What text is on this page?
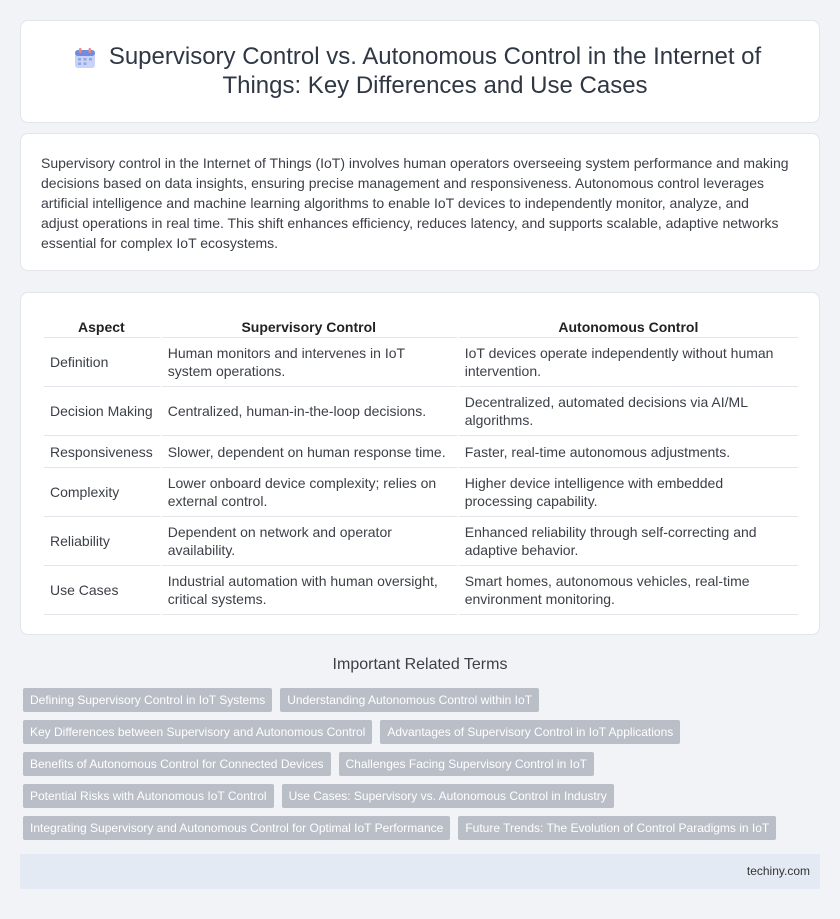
Supervisory Control vs. Autonomous Control in the Internet of Things: Key Differences and Use Cases

Supervisory control in the Internet of Things (IoT) involves human operators overseeing system performance and making decisions based on data insights, ensuring precise management and responsiveness. Autonomous control leverages artificial intelligence and machine learning algorithms to enable IoT devices to independently monitor, analyze, and adjust operations in real time. This shift enhances efficiency, reduces latency, and supports scalable, adaptive networks essential for complex IoT ecosystems.

Aspect	Supervisory Control	Autonomous Control
Definition	Human monitors and intervenes in IoT system operations.	IoT devices operate independently without human intervention.
Decision Making	Centralized, human-in-the-loop decisions.	Decentralized, automated decisions via AI/ML algorithms.
Responsiveness	Slower, dependent on human response time.	Faster, real-time autonomous adjustments.
Complexity	Lower onboard device complexity; relies on external control.	Higher device intelligence with embedded processing capability.
Reliability	Dependent on network and operator availability.	Enhanced reliability through self-correcting and adaptive behavior.
Use Cases	Industrial automation with human oversight, critical systems.	Smart homes, autonomous vehicles, real-time environment monitoring.
Important Related Terms
Defining Supervisory Control in IoT Systems	Understanding Autonomous Control within IoT
Key Differences between Supervisory and Autonomous Control	Advantages of Supervisory Control in IoT Applications
Benefits of Autonomous Control for Connected Devices	Challenges Facing Supervisory Control in IoT
Potential Risks with Autonomous IoT Control	Use Cases: Supervisory vs. Autonomous Control in Industry
Integrating Supervisory and Autonomous Control for Optimal IoT Performance	Future Trends: The Evolution of Control Paradigms in IoT
techiny.com
